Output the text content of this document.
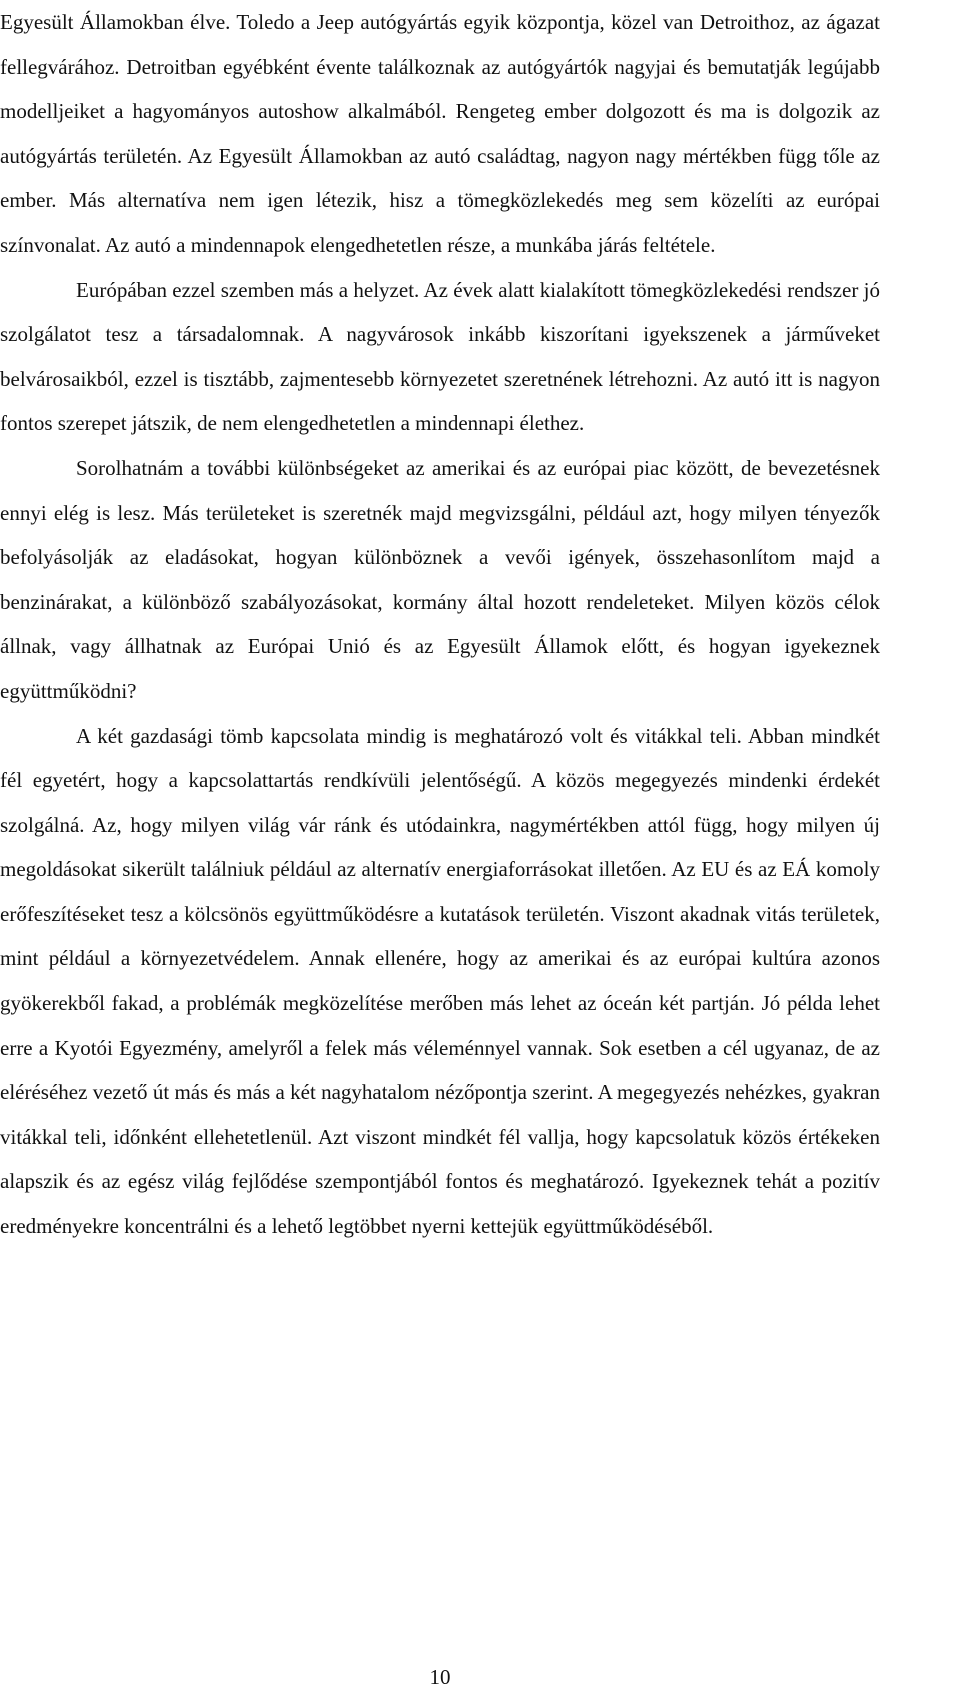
Egyesült Államokban élve. Toledo a Jeep autógyártás egyik központja, közel van Detroithoz, az ágazat fellegvárához. Detroitban egyébként évente találkoznak az autógyártók nagyjai és bemutatják legújabb modelljeiket a hagyományos autoshow alkalmából. Rengeteg ember dolgozott és ma is dolgozik az autógyártás területén. Az Egyesült Államokban az autó családtag, nagyon nagy mértékben függ tőle az ember. Más alternatíva nem igen létezik, hisz a tömegközlekedés meg sem közelíti az európai színvonalat. Az autó a mindennapok elengedhetetlen része, a munkába járás feltétele.

Európában ezzel szemben más a helyzet. Az évek alatt kialakított tömegközlekedési rendszer jó szolgálatot tesz a társadalomnak. A nagyvárosok inkább kiszorítani igyekszenek a járműveket belvárosaikból, ezzel is tisztább, zajmentesebb környezetet szeretnének létrehozni. Az autó itt is nagyon fontos szerepet játszik, de nem elengedhetetlen a mindennapi élethez.

Sorolhatnám a további különbségeket az amerikai és az európai piac között, de bevezetésnek ennyi elég is lesz. Más területeket is szeretnék majd megvizsgálni, például azt, hogy milyen tényezők befolyásolják az eladásokat, hogyan különböznek a vevői igények, összehasonlítom majd a benzinárakat, a különböző szabályozásokat, kormány által hozott rendeleteket. Milyen közös célok állnak, vagy állhatnak az Európai Unió és az Egyesült Államok előtt, és hogyan igyekeznek együttműködni?

A két gazdasági tömb kapcsolata mindig is meghatározó volt és vitákkal teli. Abban mindkét fél egyetért, hogy a kapcsolattartás rendkívüli jelentőségű. A közös megegyezés mindenki érdekét szolgálná. Az, hogy milyen világ vár ránk és utódainkra, nagymértékben attól függ, hogy milyen új megoldásokat sikerült találniuk például az alternatív energiaforrásokat illetően. Az EU és az EÁ komoly erőfeszítéseket tesz a kölcsönös együttműködésre a kutatások területén. Viszont akadnak vitás területek, mint például a környezetvédelem. Annak ellenére, hogy az amerikai és az európai kultúra azonos gyökerekből fakad, a problémák megközelítése merőben más lehet az óceán két partján. Jó példa lehet erre a Kyotói Egyezmény, amelyről a felek más véleménnyel vannak. Sok esetben a cél ugyanaz, de az eléréséhez vezető út más és más a két nagyhatalom nézőpontja szerint. A megegyezés nehézkes, gyakran vitákkal teli, időnként ellehetetlenül. Azt viszont mindkét fél vallja, hogy kapcsolatuk közös értékeken alapszik és az egész világ fejlődése szempontjából fontos és meghatározó. Igyekeznek tehát a pozitív eredményekre koncentrálni és a lehető legtöbbet nyerni kettejük együttműködéséből.

10
